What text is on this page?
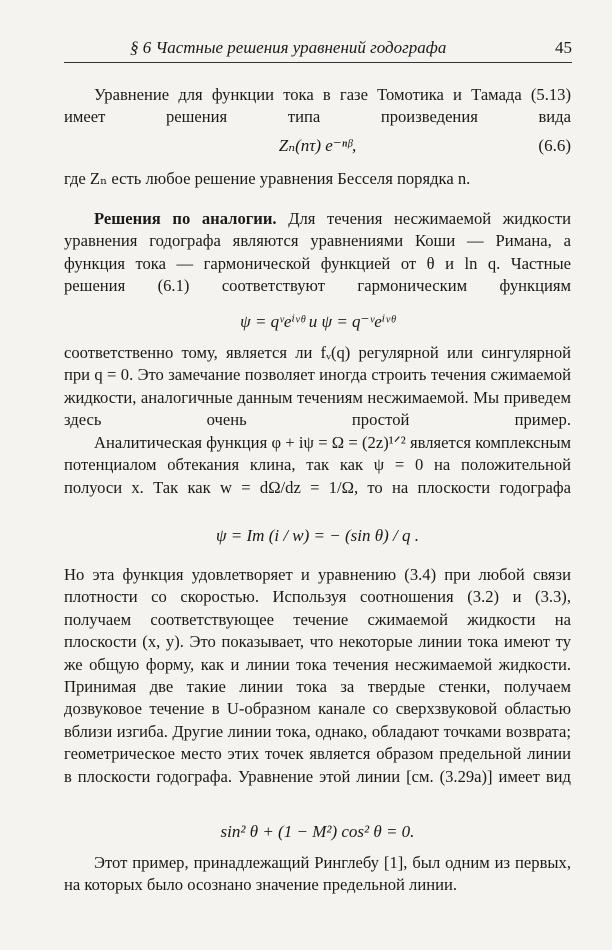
§ 6 Частные решения уравнений годографа	45
Уравнение для функции тока в газе Томотика и Тамада (5.13) имеет решения типа произведения вида
Zₙ(nτ) e⁻ⁿᵝ,	(6.6)
где Zₙ есть любое решение уравнения Бесселя порядка n.
Решения по аналогии. Для течения несжимаемой жидкости уравнения годографа являются уравнениями Коши — Римана, а функция тока — гармонической функцией от θ и ln q. Частные решения (6.1) соответствуют гармоническим функциям
ψ = qᵛeⁱᵛᶿ и ψ = q⁻ᵛeⁱᵛᶿ
соответственно тому, является ли fᵥ(q) регулярной или сингулярной при q = 0. Это замечание позволяет иногда строить течения сжимаемой жидкости, аналогичные данным течениям несжимаемой. Мы приведем здесь очень простой пример.
Аналитическая функция φ + iψ = Ω = (2z)¹ᐟ² является комплексным потенциалом обтекания клина, так как ψ = 0 на положительной полуоси x. Так как w = dΩ/dz = 1/Ω, то на плоскости годографа
ψ = Im (i / w) = − (sin θ) / q .
Но эта функция удовлетворяет и уравнению (3.4) при любой связи плотности со скоростью. Используя соотношения (3.2) и (3.3), получаем соответствующее течение сжимаемой жидкости на плоскости (x, y). Это показывает, что некоторые линии тока имеют ту же общую форму, как и линии тока течения несжимаемой жидкости. Принимая две такие линии тока за твердые стенки, получаем дозвуковое течение в U-образном канале со сверхзвуковой областью вблизи изгиба. Другие линии тока, однако, обладают точками возврата; геометрическое место этих точек является образом предельной линии в плоскости годографа. Уравнение этой линии [см. (3.29а)] имеет вид
sin² θ + (1 − M²) cos² θ = 0.
Этот пример, принадлежащий Ринглебу [1], был одним из первых, на которых было осознано значение предельной линии.
